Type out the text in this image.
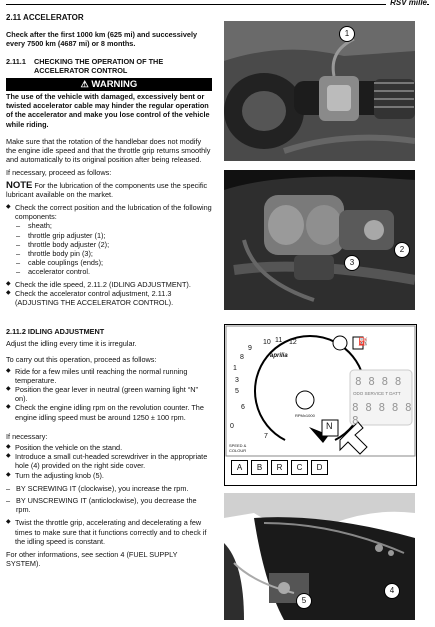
RSV mille

2.11 ACCELERATOR

Check after the first 1000 km (625 mi) and successively every 7500 km (4687 mi) or 8 months.

2.11.1	CHECKING THE OPERATION OF THE ACCELERATOR CONTROL
⚠ WARNING

The use of the vehicle with damaged, excessively bent or twisted accelerator cable may hinder the regular operation of the accelerator and make you lose control of the vehicle while riding.

Make sure that the rotation of the handlebar does not modify the engine idle speed and that the throttle grip returns smoothly and automatically to its original position after being released.

If necessary, proceed as follows:

NOTE For the lubrication of the components use the specific lubricant available on the market.

◆ Check the correct position and the lubrication of the following components:
– sheath;
– throttle grip adjuster (1);
– throttle body adjuster (2);
– throttle body pin (3);
– cable couplings (ends);
– accelerator control.
◆ Check the idle speed, 2.11.2 (IDLING ADJUSTMENT).
◆ Check the accelerator control adjustment, 2.11.3 (ADJUSTING THE ACCELERATOR CONTROL).

2.11.2 IDLING ADJUSTMENT

Adjust the idling every time it is irregular.

To carry out this operation, proceed as follows:

◆ Ride for a few miles until reaching the normal running temperature.
◆ Position the gear lever in neutral (green warning light “N” on).
◆ Check the engine idling rpm on the revolution counter. The engine idling speed must be around 1250 ± 100 rpm.

If necessary:

◆ Position the vehicle on the stand.
◆ Introduce a small cut-headed screwdriver in the appropriate hole (4) provided on the right side cover.
◆ Turn the adjusting knob (5).
– BY SCREWING IT (clockwise), you increase the rpm.
– BY UNSCREWING IT (anticlockwise), you decrease the rpm.
◆ Twist the throttle grip, accelerating and decelerating a few times to make sure that it functions correctly and to check if the idling speed is constant.

For other informations, see section 4 (FUEL SUPPLY SYSTEM).

1
2
3
1
5
6
3
0
8
9
10 11 12
7
aprilia
RPMx1000
SPEED & COLOUR
8 8 8 8
ODO SERVICE T DATT
8 8 8 8 8 8
N
⛽
A	B	R	C	D
5
4
